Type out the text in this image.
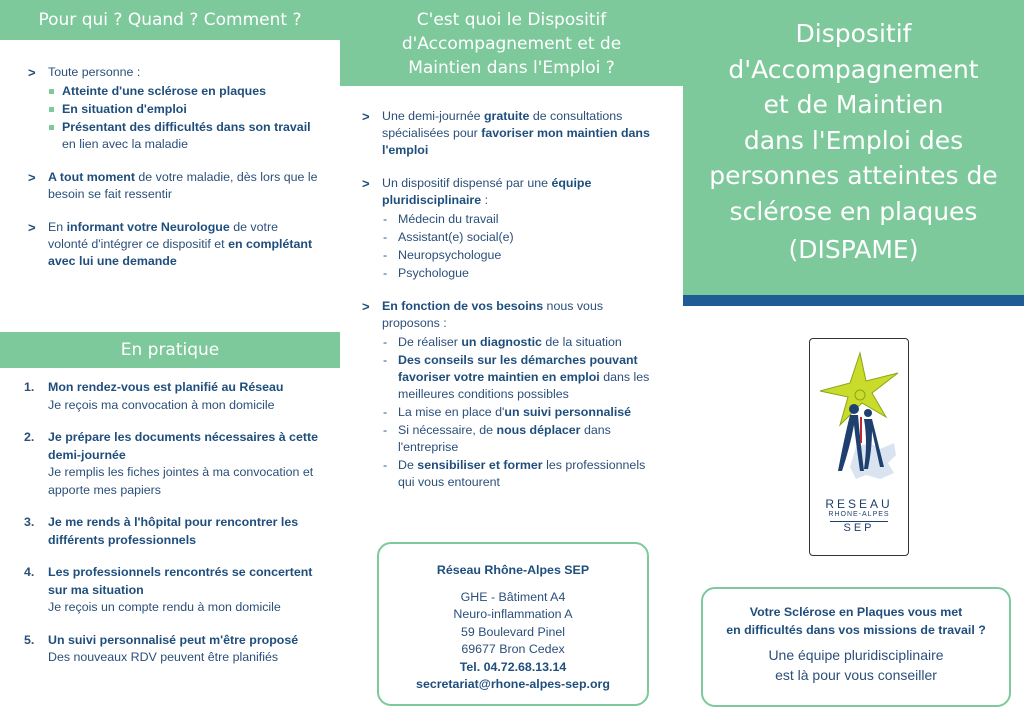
Pour qui ? Quand ? Comment ?
> Toute personne :
Atteinte d'une sclérose en plaques
En situation d'emploi
Présentant des difficultés dans son travail en lien avec la maladie
> A tout moment de votre maladie, dès lors que le besoin se fait ressentir
> En informant votre Neurologue de votre volonté d'intégrer ce dispositif et en complétant avec lui une demande
En pratique
1. Mon rendez-vous est planifié au Réseau
Je reçois ma convocation à mon domicile
2. Je prépare les documents nécessaires à cette demi-journée
Je remplis les fiches jointes à ma convocation et apporte mes papiers
3. Je me rends à l'hôpital pour rencontrer les différents professionnels
4. Les professionnels rencontrés se concertent sur ma situation
Je reçois un compte rendu à mon domicile
5. Un suivi personnalisé peut m'être proposé
Des nouveaux RDV peuvent être planifiés
C'est quoi le Dispositif d'Accompagnement et de Maintien dans l'Emploi ?
> Une demi-journée gratuite de consultations spécialisées pour favoriser mon maintien dans l'emploi
> Un dispositif dispensé par une équipe pluridisciplinaire :
- Médecin du travail
- Assistant(e) social(e)
- Neuropsychologue
- Psychologue
> En fonction de vos besoins nous vous proposons :
- De réaliser un diagnostic de la situation
- Des conseils sur les démarches pouvant favoriser votre maintien en emploi dans les meilleures conditions possibles
- La mise en place d'un suivi personnalisé
- Si nécessaire, de nous déplacer dans l'entreprise
- De sensibiliser et former les professionnels qui vous entourent
Réseau Rhône-Alpes SEP
GHE - Bâtiment A4
Neuro-inflammation A
59 Boulevard Pinel
69677 Bron Cedex
Tel. 04.72.68.13.14
secretariat@rhone-alpes-sep.org
Dispositif
d'Accompagnement
et de Maintien
dans l'Emploi des
personnes atteintes de
sclérose en plaques
(DISPAME)
RESEAU
RHONE-ALPES
SEP
Votre Sclérose en Plaques vous met
en difficultés dans vos missions de travail ?
Une équipe pluridisciplinaire
est là pour vous conseiller
